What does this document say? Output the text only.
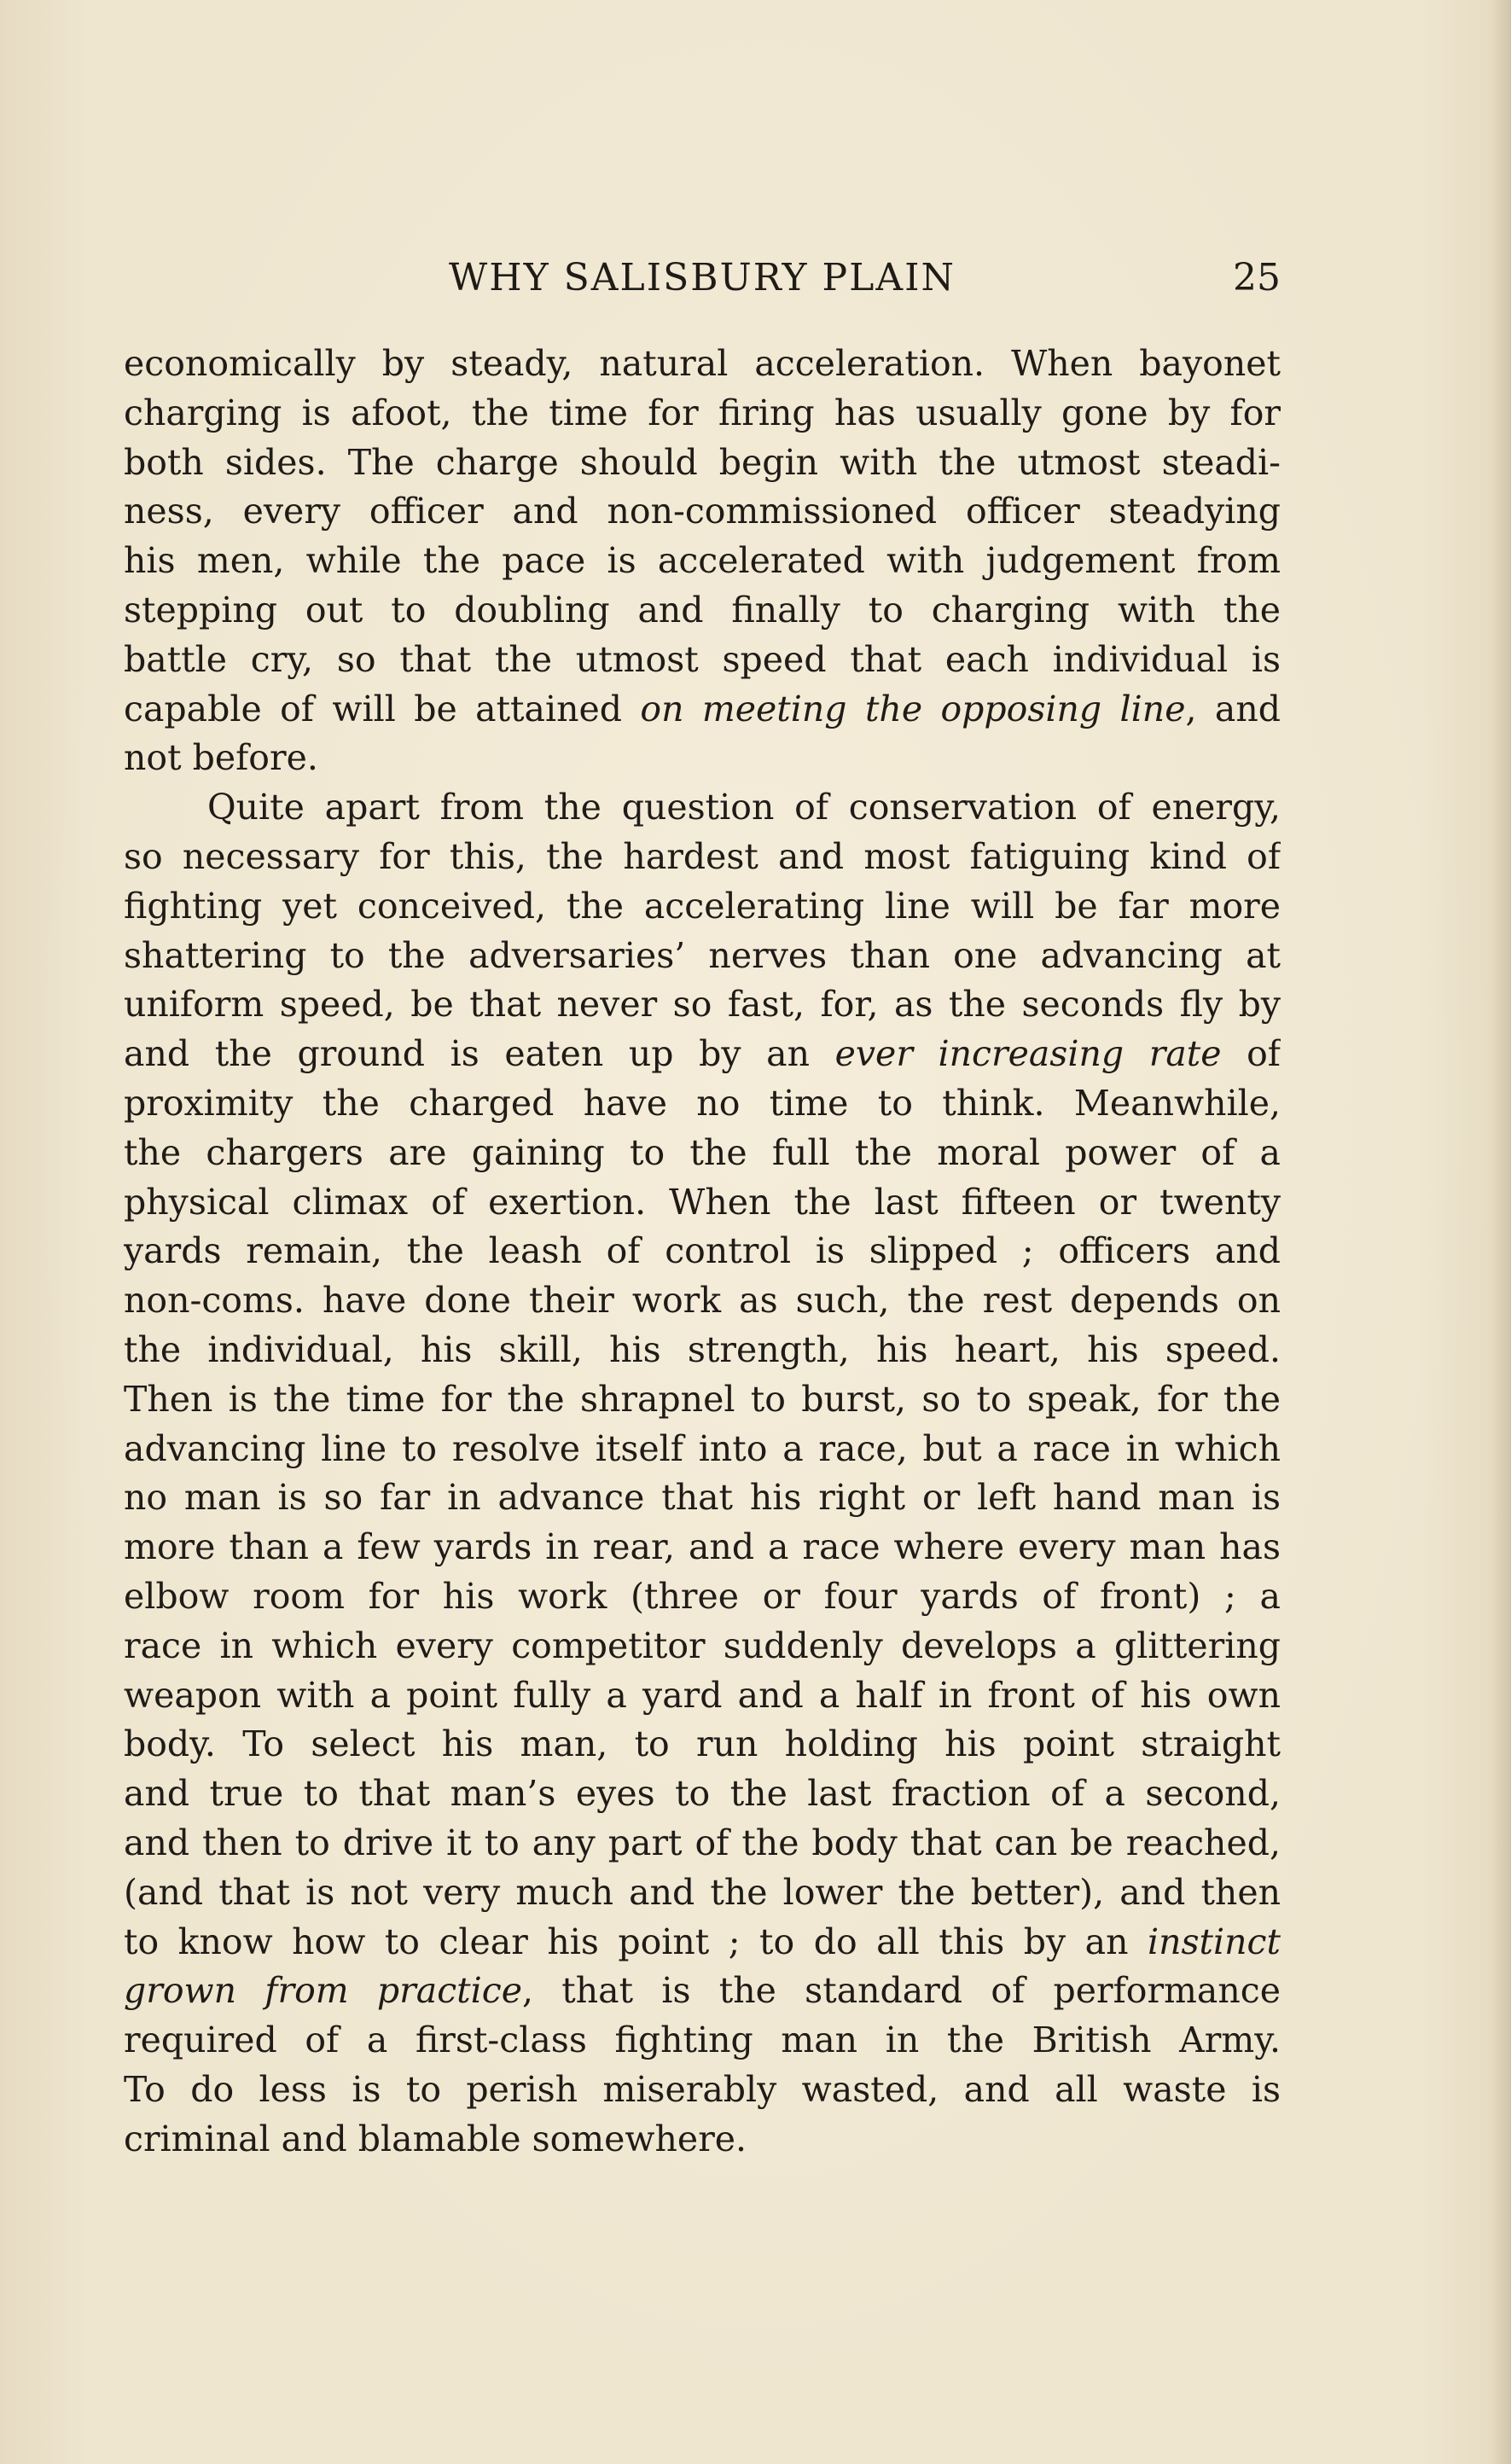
WHY SALISBURY PLAIN	25
economically by steady, natural acceleration. When bayonet
charging is afoot, the time for firing has usually gone by for
both sides. The charge should begin with the utmost steadi-
ness, every officer and non-commissioned officer steadying
his men, while the pace is accelerated with judgement from
stepping out to doubling and finally to charging with the
battle cry, so that the utmost speed that each individual is
capable of will be attained on meeting the opposing line, and
not before.
Quite apart from the question of conservation of energy,
so necessary for this, the hardest and most fatiguing kind of
fighting yet conceived, the accelerating line will be far more
shattering to the adversaries’ nerves than one advancing at
uniform speed, be that never so fast, for, as the seconds fly by
and the ground is eaten up by an ever increasing rate of
proximity the charged have no time to think. Meanwhile,
the chargers are gaining to the full the moral power of a
physical climax of exertion. When the last fifteen or twenty
yards remain, the leash of control is slipped ; officers and
non-coms. have done their work as such, the rest depends on
the individual, his skill, his strength, his heart, his speed.
Then is the time for the shrapnel to burst, so to speak, for the
advancing line to resolve itself into a race, but a race in which
no man is so far in advance that his right or left hand man is
more than a few yards in rear, and a race where every man has
elbow room for his work (three or four yards of front) ; a
race in which every competitor suddenly develops a glittering
weapon with a point fully a yard and a half in front of his own
body. To select his man, to run holding his point straight
and true to that man’s eyes to the last fraction of a second,
and then to drive it to any part of the body that can be reached,
(and that is not very much and the lower the better), and then
to know how to clear his point ; to do all this by an instinct
grown from practice, that is the standard of performance
required of a first-class fighting man in the British Army.
To do less is to perish miserably wasted, and all waste is
criminal and blamable somewhere.
